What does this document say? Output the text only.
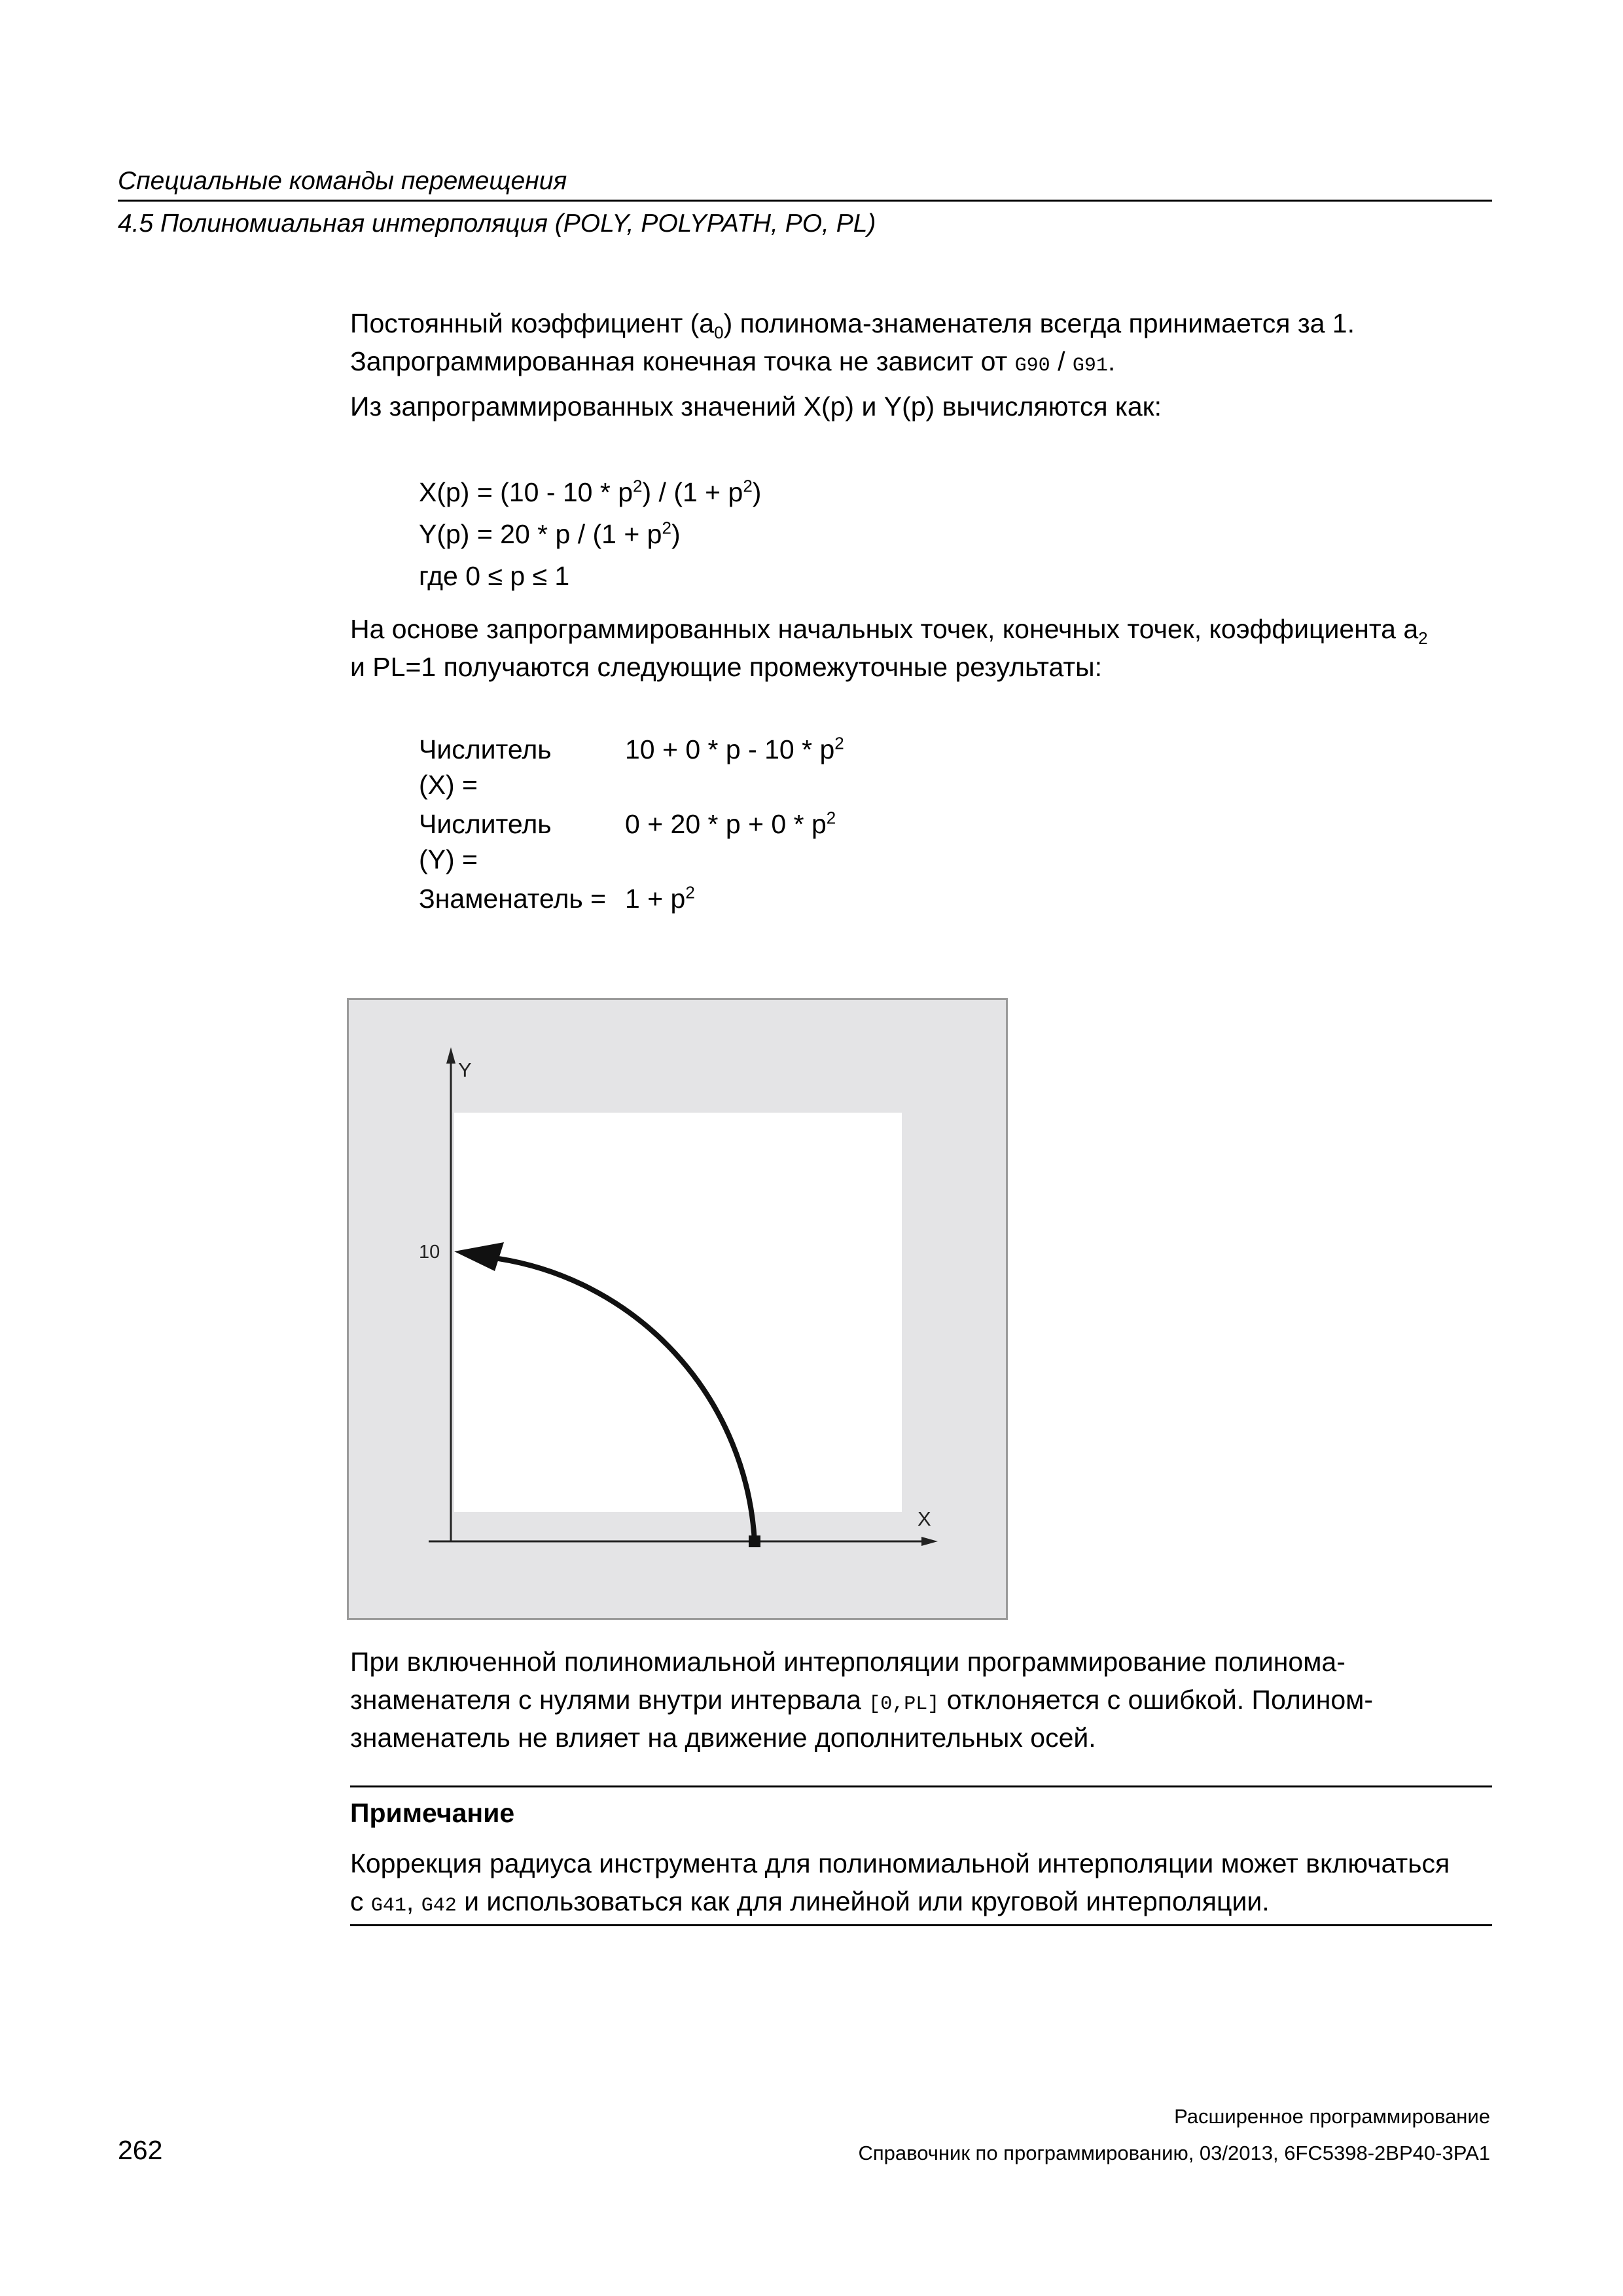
Специальные команды перемещения
4.5 Полиномиальная интерполяция (POLY, POLYPATH, PO, PL)
Постоянный коэффициент $(a_0)$ полинома-знаменателя всегда принимается за 1.
Запрограммированная конечная точка не зависит от G90 / G91.
Из запрограммированных значений X(p) и Y(p) вычисляются как:
$X(p) = (10 - 10 * p^2) / (1 + p^2)$
$Y(p) = 20 * p / (1 + p^2)$
где 0 ≤ p ≤ 1
На основе запрограммированных начальных точек, конечных точек, коэффициента $a_2$
и PL=1 получаются следующие промежуточные результаты:
Числитель
(X) =
$10 + 0 * p - 10 * p^2$
Числитель
(Y) =
$0 + 20 * p + 0 * p^2$
Знаменатель = $1 + p^2$
Y
X
10
При включенной полиномиальной интерполяции программирование полинома-
знаменателя с нулями внутри интервала [0,PL] отклоняется с ошибкой. Полином-
знаменатель не влияет на движение дополнительных осей.
Примечание
Коррекция радиуса инструмента для полиномиальной интерполяции может включаться
с G41, G42 и использоваться как для линейной или круговой интерполяции.
Расширенное программирование
262	Справочник по программированию, 03/2013, 6FC5398-2BP40-3PA1
